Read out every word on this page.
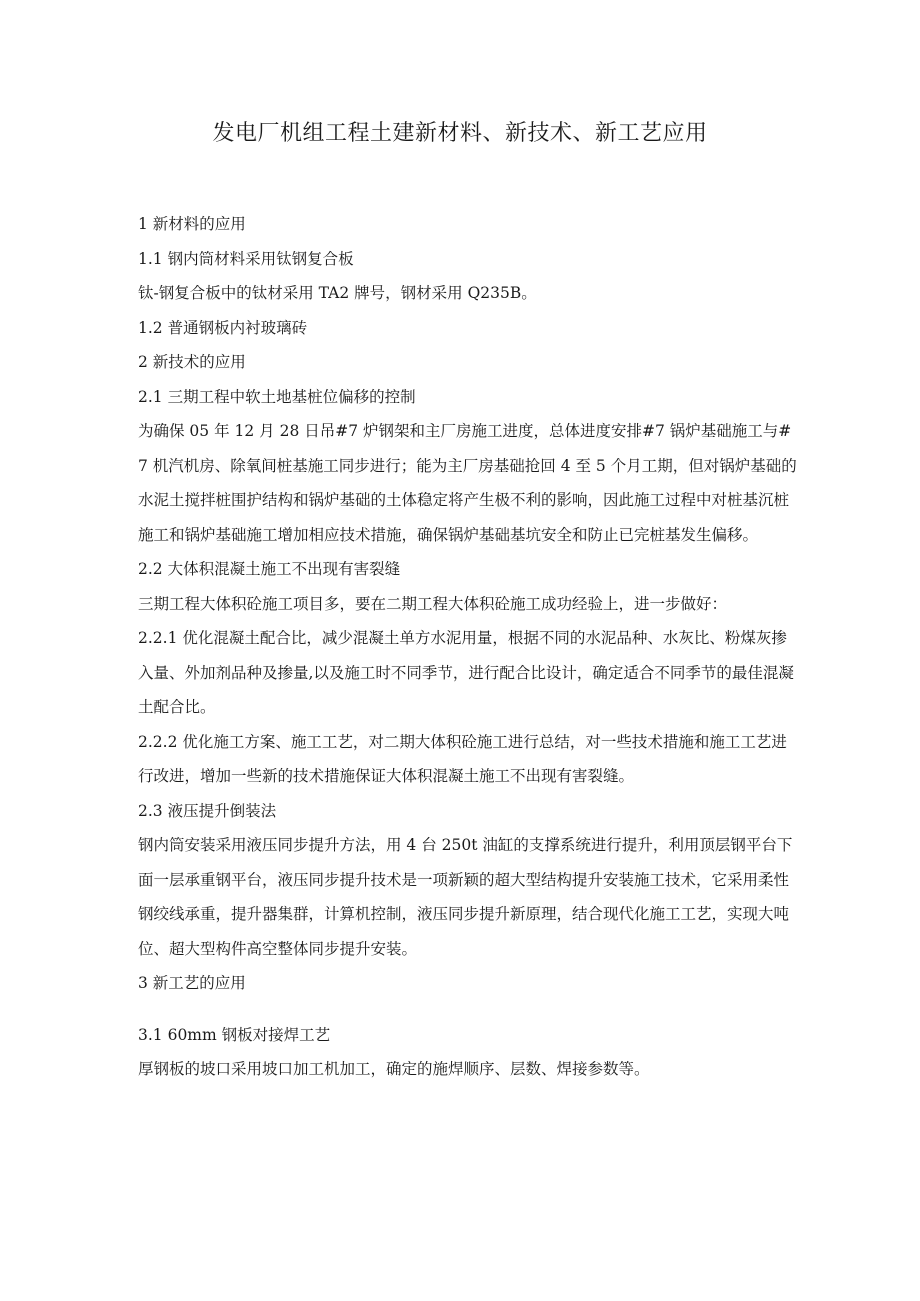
发电厂机组工程土建新材料、新技术、新工艺应用

1 新材料的应用

1.1 钢内筒材料采用钛钢复合板

钛-钢复合板中的钛材采用 TA2 牌号，钢材采用 Q235B。

1.2 普通钢板内衬玻璃砖

2 新技术的应用

2.1 三期工程中软土地基桩位偏移的控制

为确保 05 年 12 月 28 日吊#7 炉钢架和主厂房施工进度，总体进度安排#7 锅炉基础施工与#7 机汽机房、除氧间桩基施工同步进行；能为主厂房基础抢回 4 至 5 个月工期，但对锅炉基础的水泥土搅拌桩围护结构和锅炉基础的土体稳定将产生极不利的影响，因此施工过程中对桩基沉桩施工和锅炉基础施工增加相应技术措施，确保锅炉基础基坑安全和防止已完桩基发生偏移。

2.2 大体积混凝土施工不出现有害裂缝

三期工程大体积砼施工项目多，要在二期工程大体积砼施工成功经验上，进一步做好：

2.2.1 优化混凝土配合比，减少混凝土单方水泥用量，根据不同的水泥品种、水灰比、粉煤灰掺入量、外加剂品种及掺量,以及施工时不同季节，进行配合比设计，确定适合不同季节的最佳混凝土配合比。

2.2.2 优化施工方案、施工工艺，对二期大体积砼施工进行总结，对一些技术措施和施工工艺进行改进，增加一些新的技术措施保证大体积混凝土施工不出现有害裂缝。

2.3 液压提升倒装法

钢内筒安装采用液压同步提升方法，用 4 台 250t 油缸的支撑系统进行提升，利用顶层钢平台下面一层承重钢平台，液压同步提升技术是一项新颖的超大型结构提升安装施工技术，它采用柔性钢绞线承重，提升器集群，计算机控制，液压同步提升新原理，结合现代化施工工艺，实现大吨位、超大型构件高空整体同步提升安装。

3 新工艺的应用

3.1 60mm 钢板对接焊工艺

厚钢板的坡口采用坡口加工机加工，确定的施焊顺序、层数、焊接参数等。
